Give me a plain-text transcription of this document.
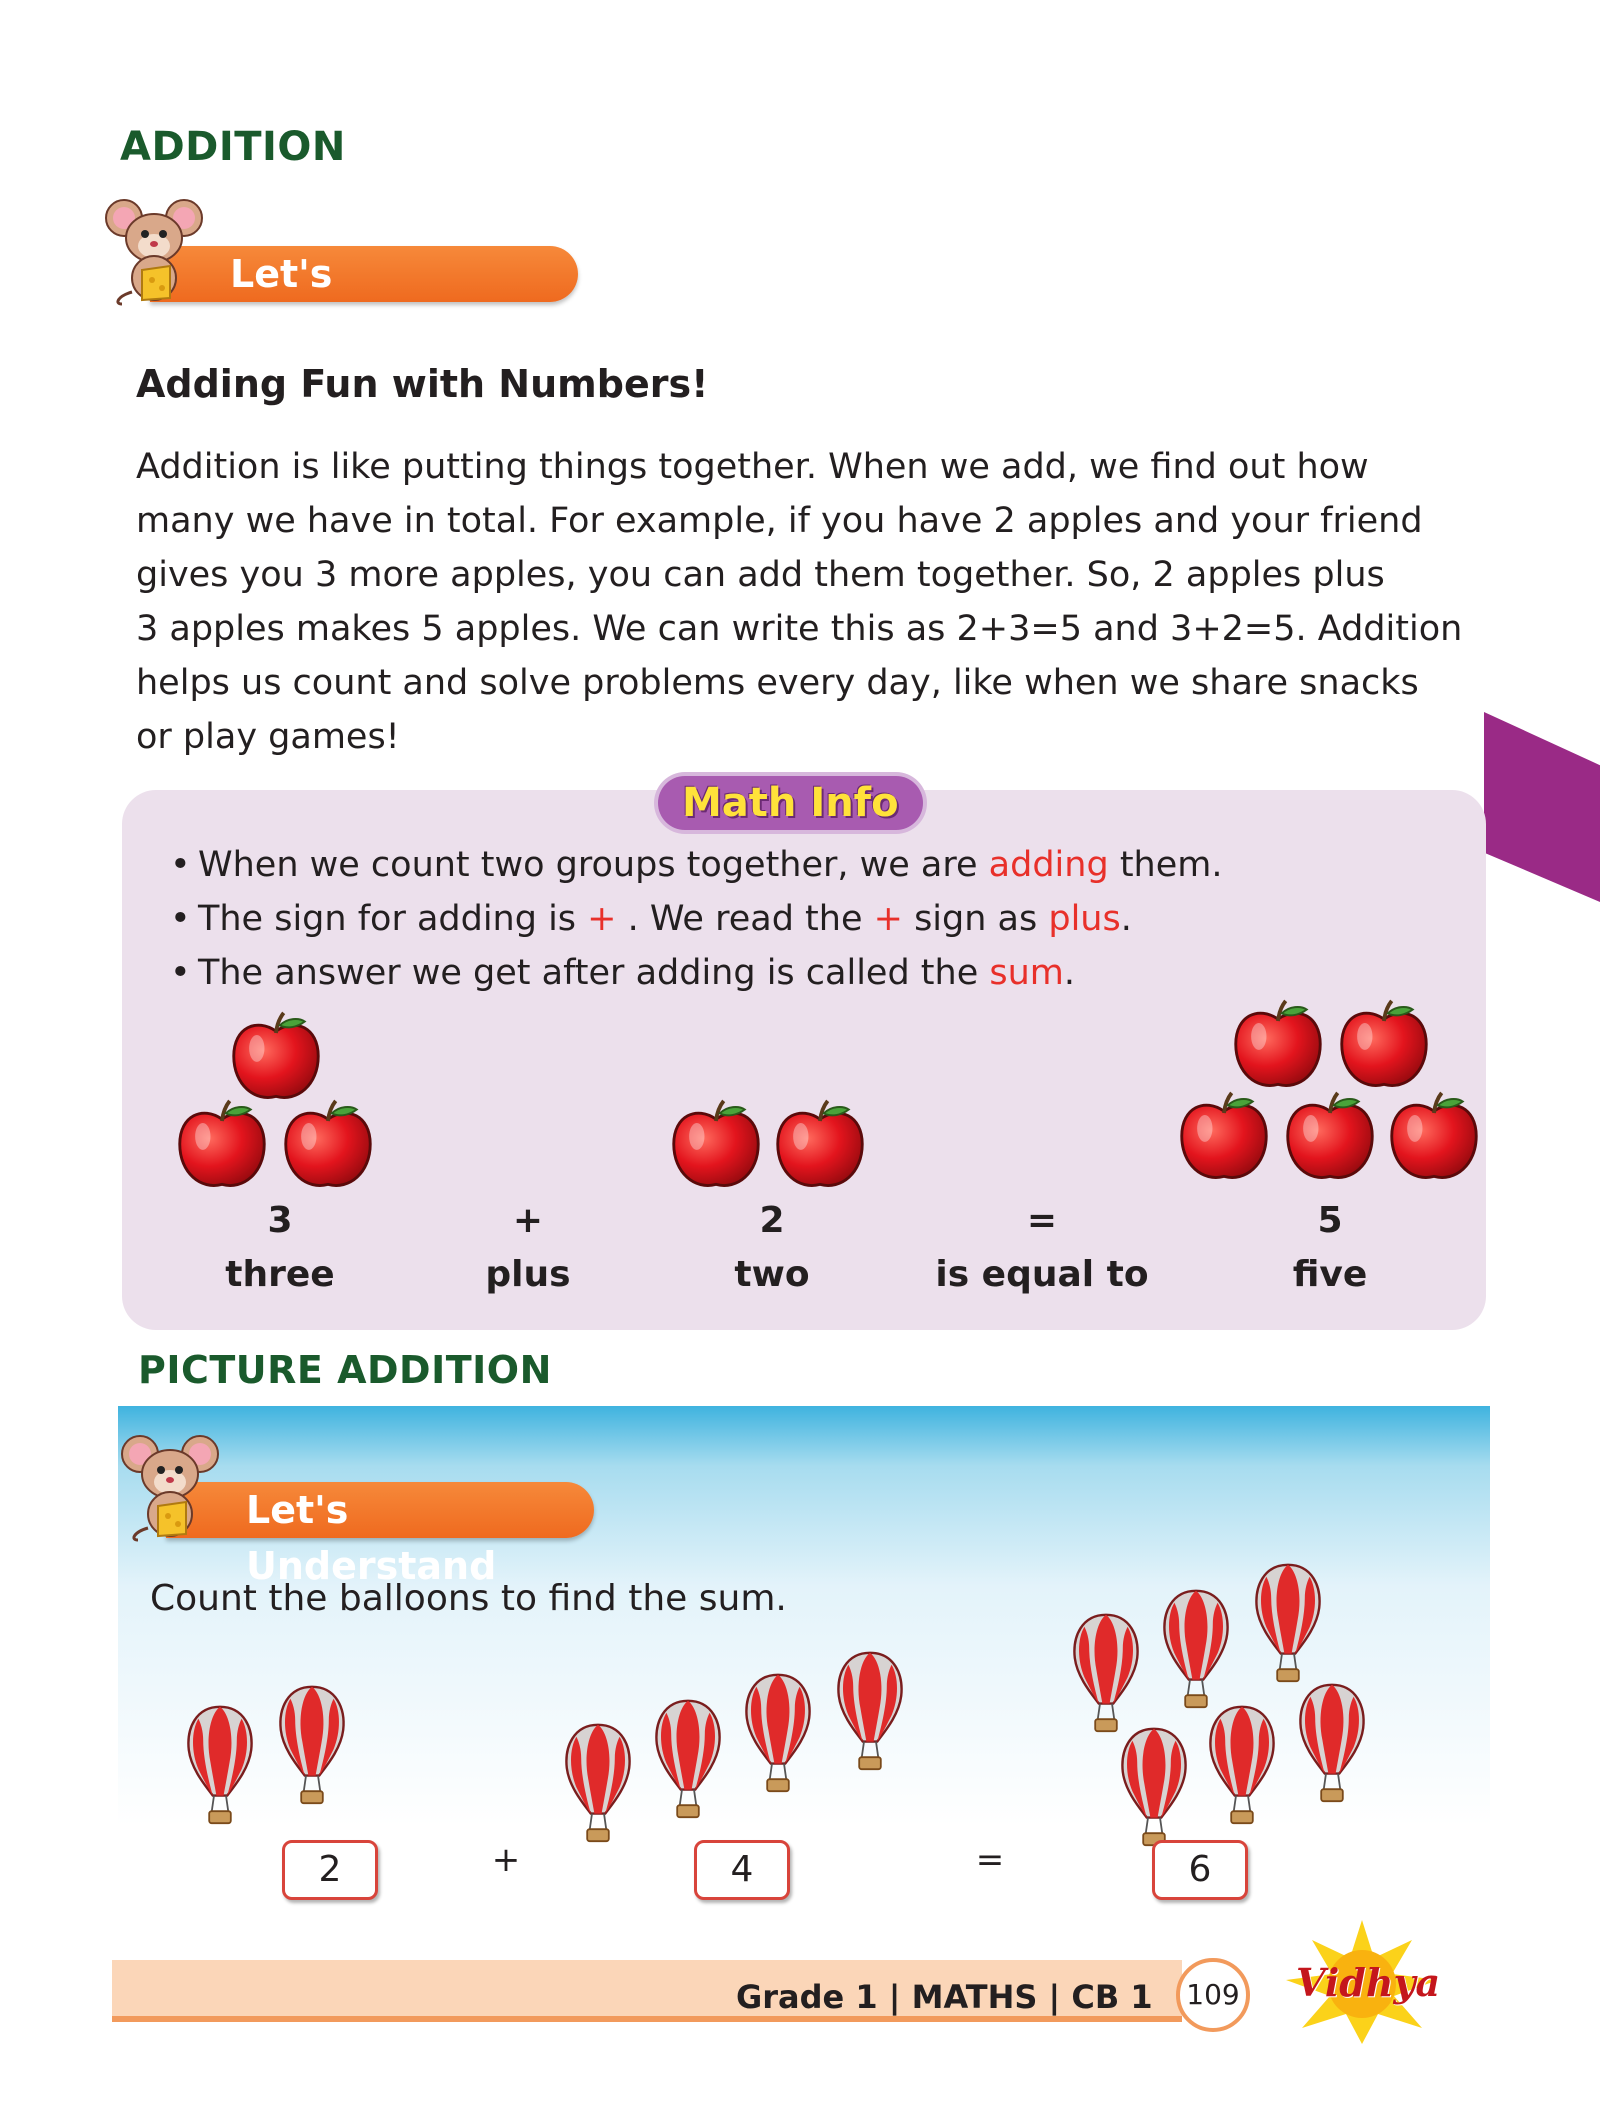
ADDITION
Let's Understand
Adding Fun with Numbers!
Addition is like putting things together. When we add, we find out how
many we have in total. For example, if you have 2 apples and your friend
gives you 3 more apples, you can add them together. So, 2 apples plus
3 apples makes 5 apples. We can write this as 2+3=5 and 3+2=5. Addition
helps us count and solve problems every day, like when we share snacks
or play games!
Math Info
• When we count two groups together, we are adding them.
• The sign for adding is + . We read the + sign as plus.
• The answer we get after adding is called the sum.
3
three
+
plus
2
two
=
is equal to
5
five
PICTURE ADDITION
Let's Understand
Count the balloons to find the sum.
2	+	4	=	6
Grade 1 | MATHS | CB 1	109 Vidhya
